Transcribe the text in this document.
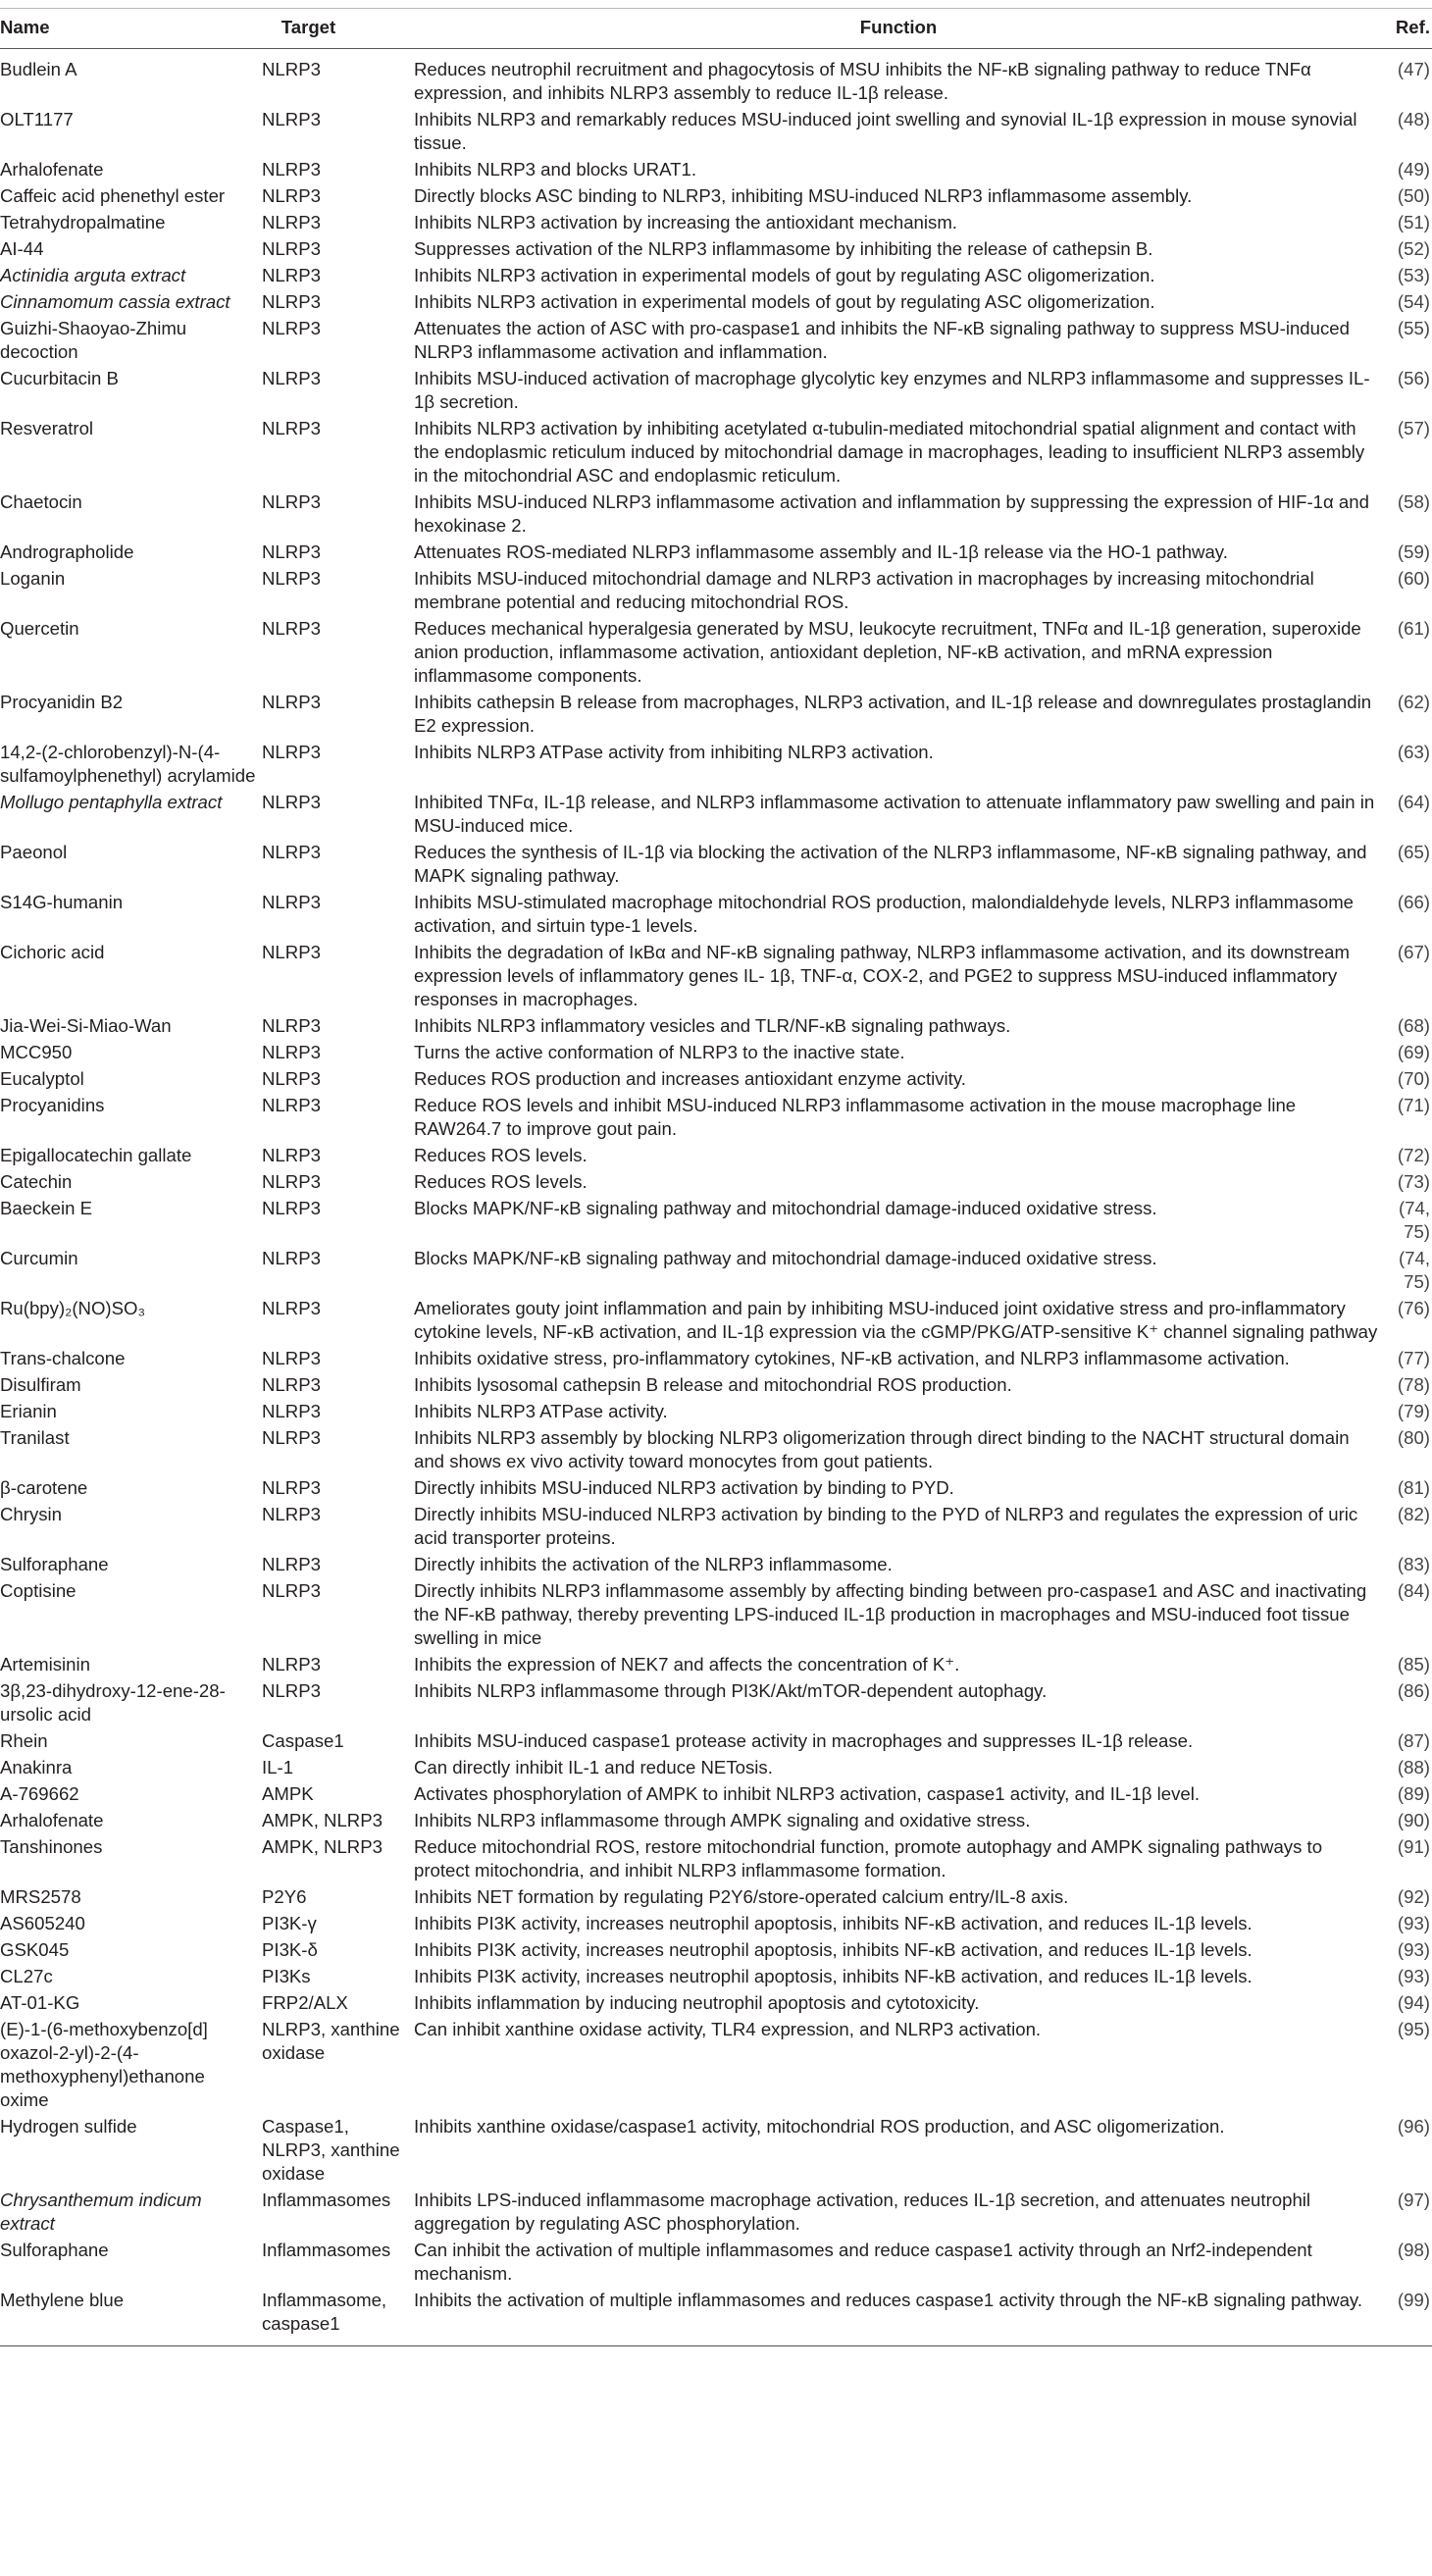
Name	Target	Function	Ref.
Budlein A	NLRP3	Reduces neutrophil recruitment and phagocytosis of MSU inhibits the NF-κB signaling pathway to reduce TNFα expression, and inhibits NLRP3 assembly to reduce IL-1β release.	(47)
OLT1177	NLRP3	Inhibits NLRP3 and remarkably reduces MSU-induced joint swelling and synovial IL-1β expression in mouse synovial tissue.	(48)
Arhalofenate	NLRP3	Inhibits NLRP3 and blocks URAT1.	(49)
Caffeic acid phenethyl ester	NLRP3	Directly blocks ASC binding to NLRP3, inhibiting MSU-induced NLRP3 inflammasome assembly.	(50)
Tetrahydropalmatine	NLRP3	Inhibits NLRP3 activation by increasing the antioxidant mechanism.	(51)
AI-44	NLRP3	Suppresses activation of the NLRP3 inflammasome by inhibiting the release of cathepsin B.	(52)
Actinidia arguta extract	NLRP3	Inhibits NLRP3 activation in experimental models of gout by regulating ASC oligomerization.	(53)
Cinnamomum cassia extract	NLRP3	Inhibits NLRP3 activation in experimental models of gout by regulating ASC oligomerization.	(54)
Guizhi-Shaoyao-Zhimu decoction	NLRP3	Attenuates the action of ASC with pro-caspase1 and inhibits the NF-κB signaling pathway to suppress MSU-induced NLRP3 inflammasome activation and inflammation.	(55)
Cucurbitacin B	NLRP3	Inhibits MSU-induced activation of macrophage glycolytic key enzymes and NLRP3 inflammasome and suppresses IL-1β secretion.	(56)
Resveratrol	NLRP3	Inhibits NLRP3 activation by inhibiting acetylated α-tubulin-mediated mitochondrial spatial alignment and contact with the endoplasmic reticulum induced by mitochondrial damage in macrophages, leading to insufficient NLRP3 assembly in the mitochondrial ASC and endoplasmic reticulum.	(57)
Chaetocin	NLRP3	Inhibits MSU-induced NLRP3 inflammasome activation and inflammation by suppressing the expression of HIF-1α and hexokinase 2.	(58)
Andrographolide	NLRP3	Attenuates ROS-mediated NLRP3 inflammasome assembly and IL-1β release via the HO-1 pathway.	(59)
Loganin	NLRP3	Inhibits MSU-induced mitochondrial damage and NLRP3 activation in macrophages by increasing mitochondrial membrane potential and reducing mitochondrial ROS.	(60)
Quercetin	NLRP3	Reduces mechanical hyperalgesia generated by MSU, leukocyte recruitment, TNFα and IL-1β generation, superoxide anion production, inflammasome activation, antioxidant depletion, NF-κB activation, and mRNA expression inflammasome components.	(61)
Procyanidin B2	NLRP3	Inhibits cathepsin B release from macrophages, NLRP3 activation, and IL-1β release and downregulates prostaglandin E2 expression.	(62)
14,2-(2-chlorobenzyl)-N-(4-sulfamoylphenethyl) acrylamide	NLRP3	Inhibits NLRP3 ATPase activity from inhibiting NLRP3 activation.	(63)
Mollugo pentaphylla extract	NLRP3	Inhibited TNFα, IL-1β release, and NLRP3 inflammasome activation to attenuate inflammatory paw swelling and pain in MSU-induced mice.	(64)
Paeonol	NLRP3	Reduces the synthesis of IL-1β via blocking the activation of the NLRP3 inflammasome, NF-κB signaling pathway, and MAPK signaling pathway.	(65)
S14G-humanin	NLRP3	Inhibits MSU-stimulated macrophage mitochondrial ROS production, malondialdehyde levels, NLRP3 inflammasome activation, and sirtuin type-1 levels.	(66)
Cichoric acid	NLRP3	Inhibits the degradation of IκBα and NF-κB signaling pathway, NLRP3 inflammasome activation, and its downstream expression levels of inflammatory genes IL- 1β, TNF-α, COX-2, and PGE2 to suppress MSU-induced inflammatory responses in macrophages.	(67)
Jia-Wei-Si-Miao-Wan	NLRP3	Inhibits NLRP3 inflammatory vesicles and TLR/NF-κB signaling pathways.	(68)
MCC950	NLRP3	Turns the active conformation of NLRP3 to the inactive state.	(69)
Eucalyptol	NLRP3	Reduces ROS production and increases antioxidant enzyme activity.	(70)
Procyanidins	NLRP3	Reduce ROS levels and inhibit MSU-induced NLRP3 inflammasome activation in the mouse macrophage line RAW264.7 to improve gout pain.	(71)
Epigallocatechin gallate	NLRP3	Reduces ROS levels.	(72)
Catechin	NLRP3	Reduces ROS levels.	(73)
Baeckein E	NLRP3	Blocks MAPK/NF-κB signaling pathway and mitochondrial damage-induced oxidative stress.	(74, 75)
Curcumin	NLRP3	Blocks MAPK/NF-κB signaling pathway and mitochondrial damage-induced oxidative stress.	(74, 75)
Ru(bpy)₂(NO)SO₃	NLRP3	Ameliorates gouty joint inflammation and pain by inhibiting MSU-induced joint oxidative stress and pro-inflammatory cytokine levels, NF-κB activation, and IL-1β expression via the cGMP/PKG/ATP-sensitive K⁺ channel signaling pathway	(76)
Trans-chalcone	NLRP3	Inhibits oxidative stress, pro-inflammatory cytokines, NF-κB activation, and NLRP3 inflammasome activation.	(77)
Disulfiram	NLRP3	Inhibits lysosomal cathepsin B release and mitochondrial ROS production.	(78)
Erianin	NLRP3	Inhibits NLRP3 ATPase activity.	(79)
Tranilast	NLRP3	Inhibits NLRP3 assembly by blocking NLRP3 oligomerization through direct binding to the NACHT structural domain and shows ex vivo activity toward monocytes from gout patients.	(80)
β-carotene	NLRP3	Directly inhibits MSU-induced NLRP3 activation by binding to PYD.	(81)
Chrysin	NLRP3	Directly inhibits MSU-induced NLRP3 activation by binding to the PYD of NLRP3 and regulates the expression of uric acid transporter proteins.	(82)
Sulforaphane	NLRP3	Directly inhibits the activation of the NLRP3 inflammasome.	(83)
Coptisine	NLRP3	Directly inhibits NLRP3 inflammasome assembly by affecting binding between pro-caspase1 and ASC and inactivating the NF-κB pathway, thereby preventing LPS-induced IL-1β production in macrophages and MSU-induced foot tissue swelling in mice	(84)
Artemisinin	NLRP3	Inhibits the expression of NEK7 and affects the concentration of K⁺.	(85)
3β,23-dihydroxy-12-ene-28-ursolic acid	NLRP3	Inhibits NLRP3 inflammasome through PI3K/Akt/mTOR-dependent autophagy.	(86)
Rhein	Caspase1	Inhibits MSU-induced caspase1 protease activity in macrophages and suppresses IL-1β release.	(87)
Anakinra	IL-1	Can directly inhibit IL-1 and reduce NETosis.	(88)
A-769662	AMPK	Activates phosphorylation of AMPK to inhibit NLRP3 activation, caspase1 activity, and IL-1β level.	(89)
Arhalofenate	AMPK, NLRP3	Inhibits NLRP3 inflammasome through AMPK signaling and oxidative stress.	(90)
Tanshinones	AMPK, NLRP3	Reduce mitochondrial ROS, restore mitochondrial function, promote autophagy and AMPK signaling pathways to protect mitochondria, and inhibit NLRP3 inflammasome formation.	(91)
MRS2578	P2Y6	Inhibits NET formation by regulating P2Y6/store-operated calcium entry/IL-8 axis.	(92)
AS605240	PI3K-γ	Inhibits PI3K activity, increases neutrophil apoptosis, inhibits NF-κB activation, and reduces IL-1β levels.	(93)
GSK045	PI3K-δ	Inhibits PI3K activity, increases neutrophil apoptosis, inhibits NF-κB activation, and reduces IL-1β levels.	(93)
CL27c	PI3Ks	Inhibits PI3K activity, increases neutrophil apoptosis, inhibits NF-kB activation, and reduces IL-1β levels.	(93)
AT-01-KG	FRP2/ALX	Inhibits inflammation by inducing neutrophil apoptosis and cytotoxicity.	(94)
(E)-1-(6-methoxybenzo[d] oxazol-2-yl)-2-(4-methoxyphenyl)ethanone oxime	NLRP3, xanthine oxidase	Can inhibit xanthine oxidase activity, TLR4 expression, and NLRP3 activation.	(95)
Hydrogen sulfide	Caspase1, NLRP3, xanthine oxidase	Inhibits xanthine oxidase/caspase1 activity, mitochondrial ROS production, and ASC oligomerization.	(96)
Chrysanthemum indicum extract	Inflammasomes	Inhibits LPS-induced inflammasome macrophage activation, reduces IL-1β secretion, and attenuates neutrophil aggregation by regulating ASC phosphorylation.	(97)
Sulforaphane	Inflammasomes	Can inhibit the activation of multiple inflammasomes and reduce caspase1 activity through an Nrf2-independent mechanism.	(98)
Methylene blue	Inflammasome, caspase1	Inhibits the activation of multiple inflammasomes and reduces caspase1 activity through the NF-κB signaling pathway.	(99)
